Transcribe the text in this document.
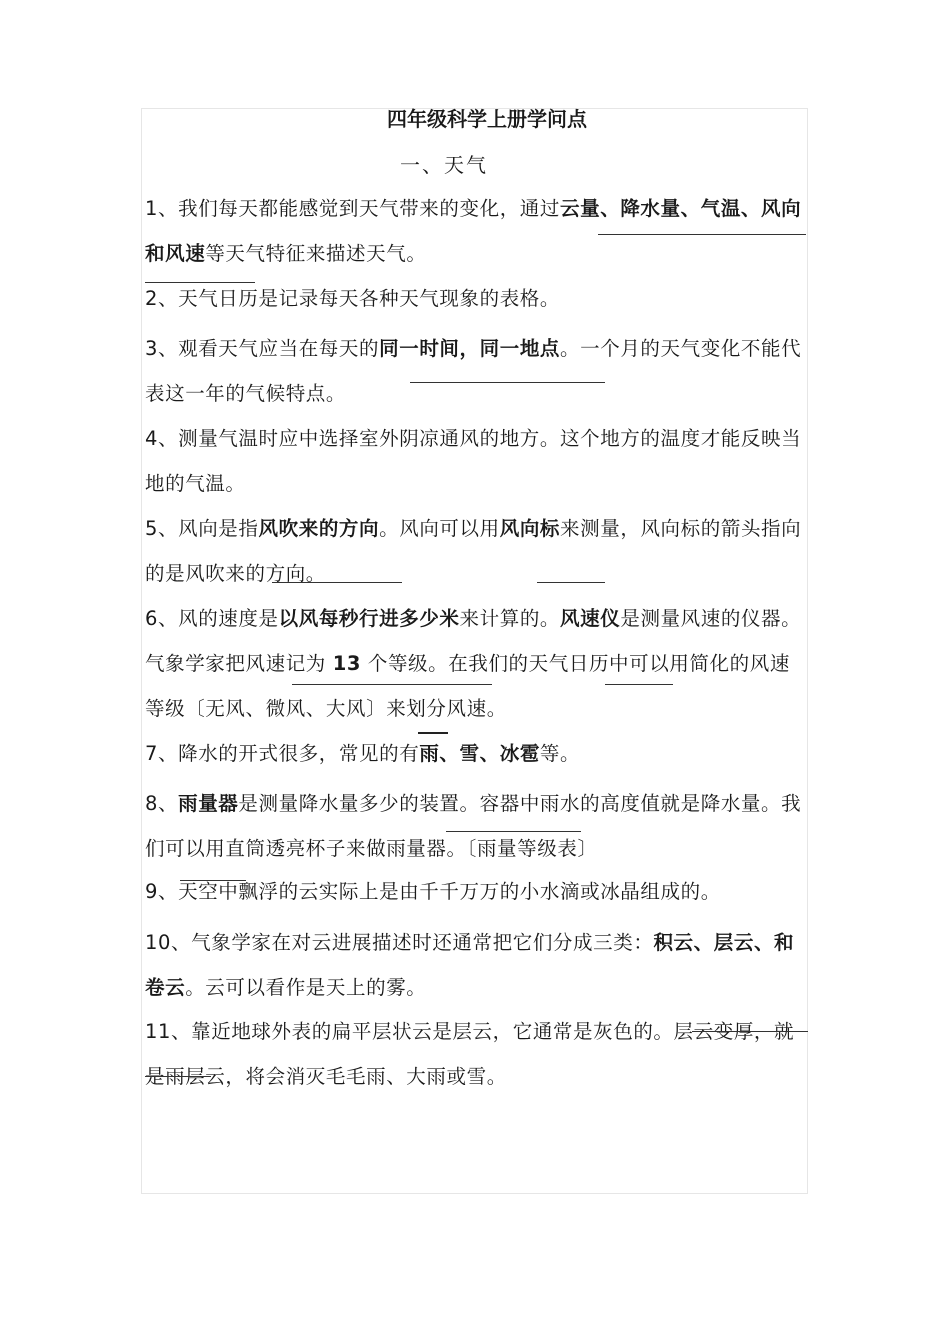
四年级科学上册学问点
一、天气

1、我们每天都能感觉到天气带来的变化，通过云量、降水量、气温、风向和风速等天气特征来描述天气。

2、天气日历是记录每天各种天气现象的表格。

3、观看天气应当在每天的同一时间，同一地点。一个月的天气变化不能代表这一年的气候特点。

4、测量气温时应中选择室外阴凉通风的地方。这个地方的温度才能反映当地的气温。

5、风向是指风吹来的方向。风向可以用风向标来测量，风向标的箭头指向的是风吹来的方向。

6、风的速度是以风每秒行进多少米来计算的。风速仪是测量风速的仪器。气象学家把风速记为 13 个等级。在我们的天气日历中可以用简化的风速等级〔无风、微风、大风〕来划分风速。

7、降水的开式很多，常见的有雨、雪、冰雹等。

8、雨量器是测量降水量多少的装置。容器中雨水的高度值就是降水量。我们可以用直筒透亮杯子来做雨量器。〔雨量等级表〕

9、天空中飘浮的云实际上是由千千万万的小水滴或冰晶组成的。

10、气象学家在对云进展描述时还通常把它们分成三类：积云、层云、和卷云。云可以看作是天上的雾。

11、靠近地球外表的扁平层状云是层云，它通常是灰色的。层云变厚，就是雨层云，将会消灭毛毛雨、大雨或雪。
